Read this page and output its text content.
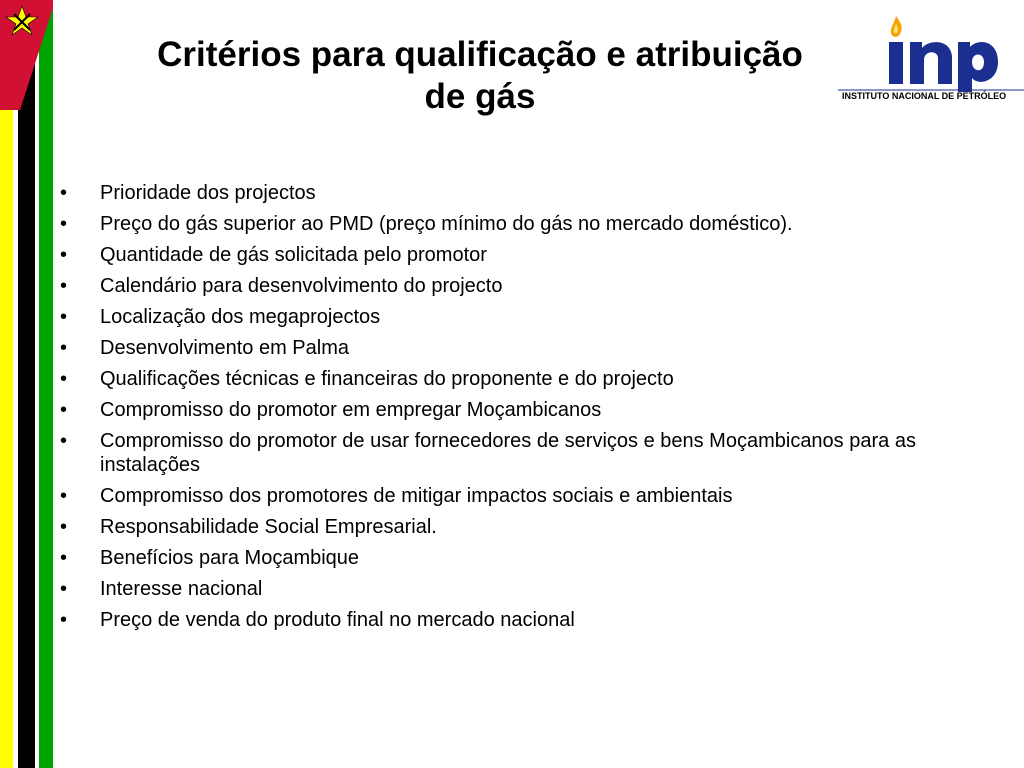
Critérios para qualificação e atribuição
de gás	INSTITUTO NACIONAL DE PETRÓLEO
• Prioridade dos projectos
• Preço do gás superior ao PMD (preço mínimo do gás no mercado doméstico).
• Quantidade de gás solicitada pelo promotor
• Calendário para desenvolvimento do projecto
• Localização dos megaprojectos
• Desenvolvimento em Palma
• Qualificações técnicas e financeiras do proponente e do projecto
• Compromisso do promotor em empregar Moçambicanos
• Compromisso do promotor de usar fornecedores de serviços e bens Moçambicanos para as instalações
• Compromisso dos promotores de mitigar impactos sociais e ambientais
• Responsabilidade Social Empresarial.
• Benefícios para Moçambique
• Interesse nacional
• Preço de venda do produto final no mercado nacional
